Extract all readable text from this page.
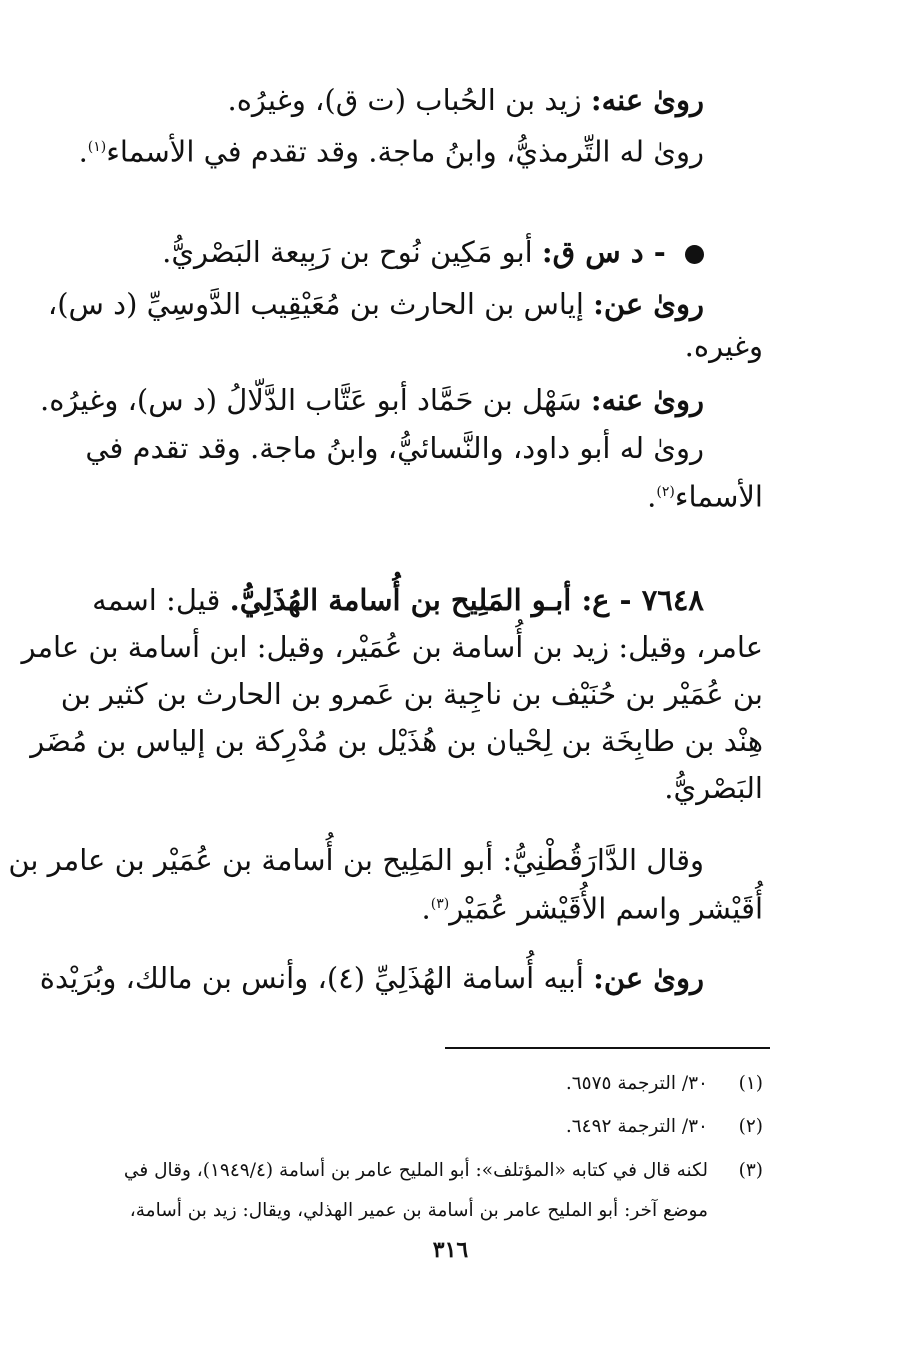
روىٰ عنه: زيد بن الحُباب (ت ق)، وغيرُه.
روىٰ له التِّرمذيُّ، وابنُ ماجة. وقد تقدم في الأسماء$^{(١)}$.
- د س ق: أبو مَكِين نُوح بن رَبِيعة البَصْريُّ.
روىٰ عن: إياس بن الحارث بن مُعَيْقِيب الدَّوسِيِّ (د س)،
وغيره.
روىٰ عنه: سَهْل بن حَمَّاد أبو عَتَّاب الدَّلّالُ (د س)، وغيرُه.
روىٰ له أبو داود، والنَّسائيُّ، وابنُ ماجة. وقد تقدم في
الأسماء$^{(٢)}$.
٧٦٤٨ - ع: أبـو المَلِيح بن أُسامة الهُذَلِيُّ. قيل: اسمه
عامر، وقيل: زيد بن أُسامة بن عُمَيْر، وقيل: ابن أسامة بن عامر
بن عُمَيْر بن حُنَيْف بن ناجِية بن عَمرو بن الحارث بن كثير بن
هِنْد بن طابِخَة بن لِحْيان بن هُذَيْل بن مُدْرِكة بن إلياس بن مُضَر
البَصْريُّ.
وقال الدَّارَقُطْنِيُّ: أبو المَلِيح بن أُسامة بن عُمَيْر بن عامر بن
أُقَيْشر واسم الأُقَيْشر عُمَيْر$^{(٣)}$.
روىٰ عن: أبيه أُسامة الهُذَلِيِّ (٤)، وأنس بن مالك، وبُرَيْدة
(١)
٣٠/ الترجمة ٦٥٧٥.
(٢)
٣٠/ الترجمة ٦٤٩٢.
(٣)
لكنه قال في كتابه «المؤتلف»: أبو المليح عامر بن أسامة (١٩٤٩/٤)، وقال في
موضع آخر: أبو المليح عامر بن أسامة بن عمير الهذلي، ويقال: زيد بن أسامة،
٣١٦
